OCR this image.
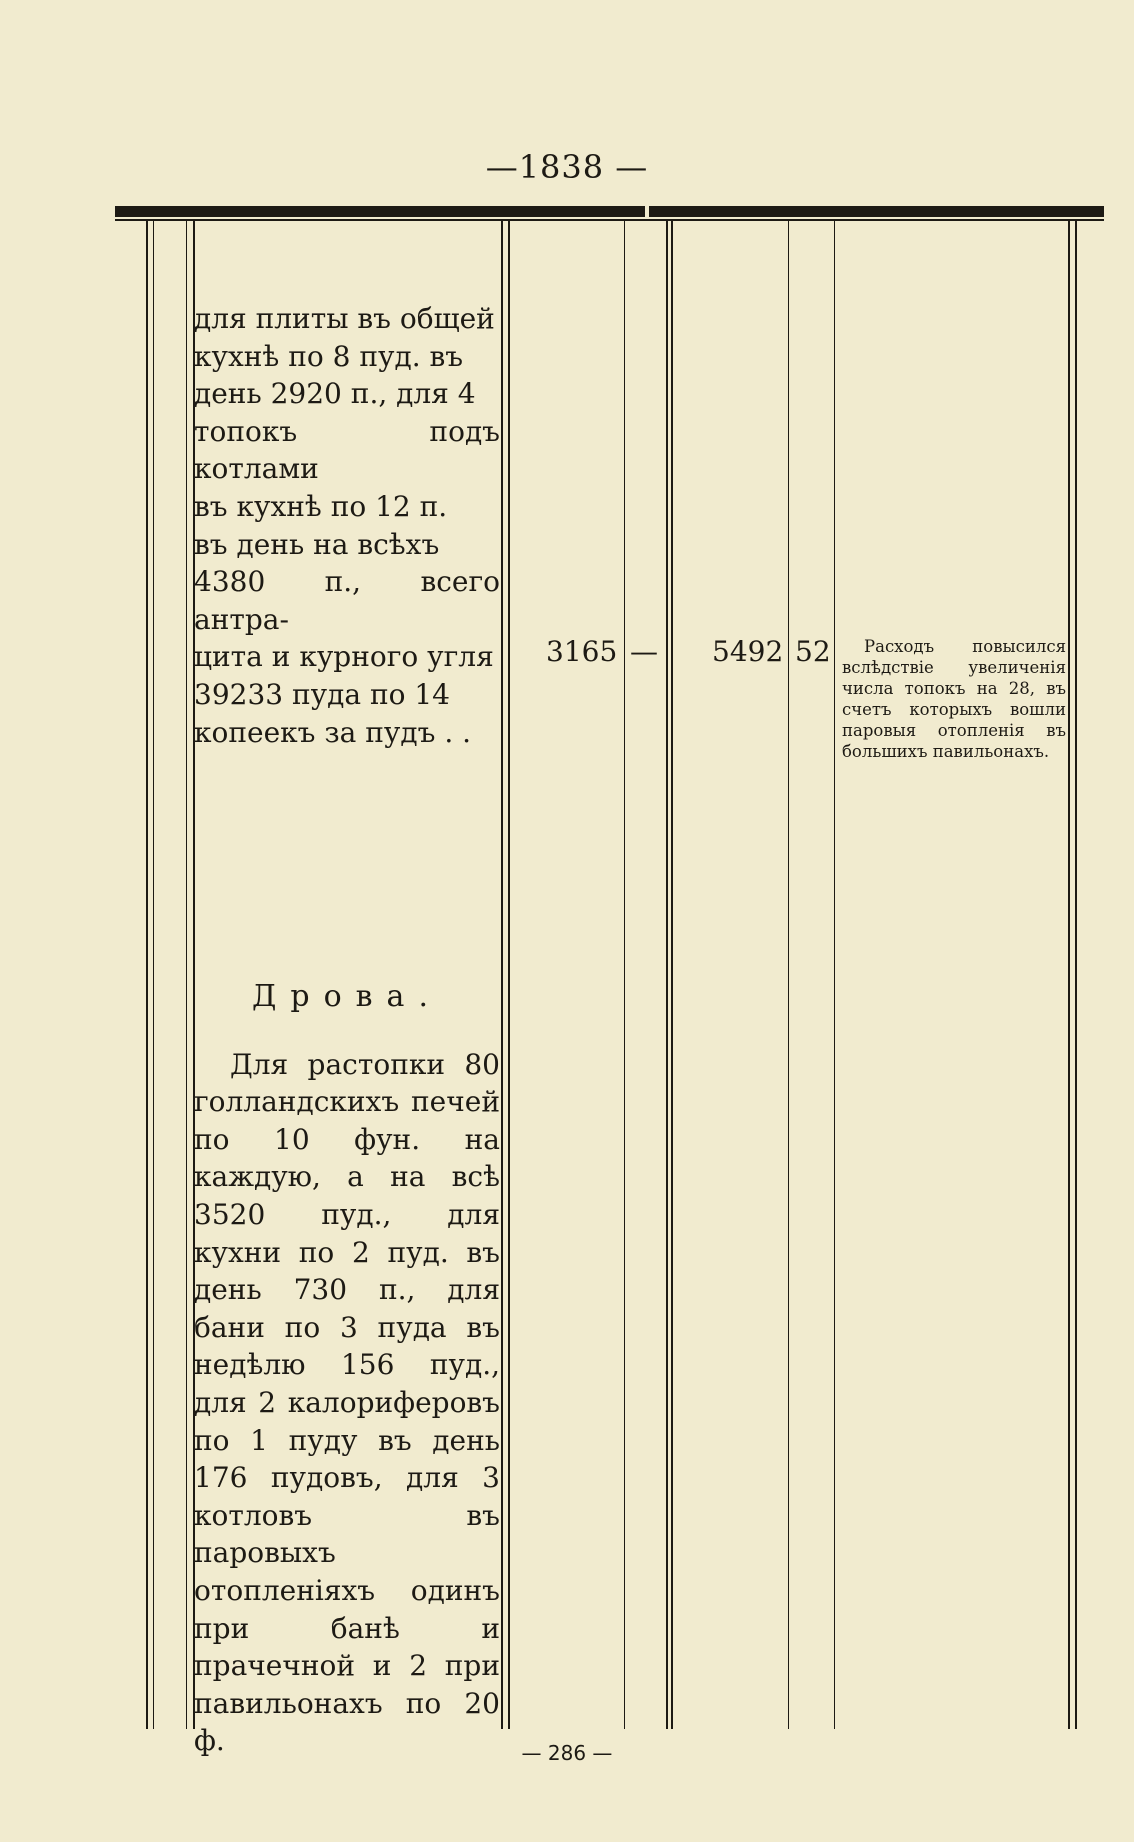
—1838 —

для плиты въ общей

кухнѣ по 8 пуд. въ

день 2920 п., для 4

топокъ подъ котлами

въ кухнѣ по 12 п.

въ день на всѣхъ

4380 п., всего антра-

цита и курного угля

39233 пуда по 14

копеекъ за пудъ . .

3165 — 5492 52	Расходъ повысился вслѣдствіе увеличенія числа топокъ на 28, въ счетъ которыхъ вошли паровыя отопленія въ большихъ павильонахъ.

Дрова.

Для растопки 80 голландскихъ печей по 10 фун. на каждую, а на всѣ 3520 пуд., для кухни по 2 пуд. въ день 730 п., для бани по 3 пуда въ недѣлю 156 пуд., для 2 калориферовъ по 1 пуду въ день 176 пудовъ, для 3 котловъ въ паровыхъ отопленіяхъ одинъ при банѣ и прачечной и 2 при павильонахъ по 20 ф.	— 286 —
